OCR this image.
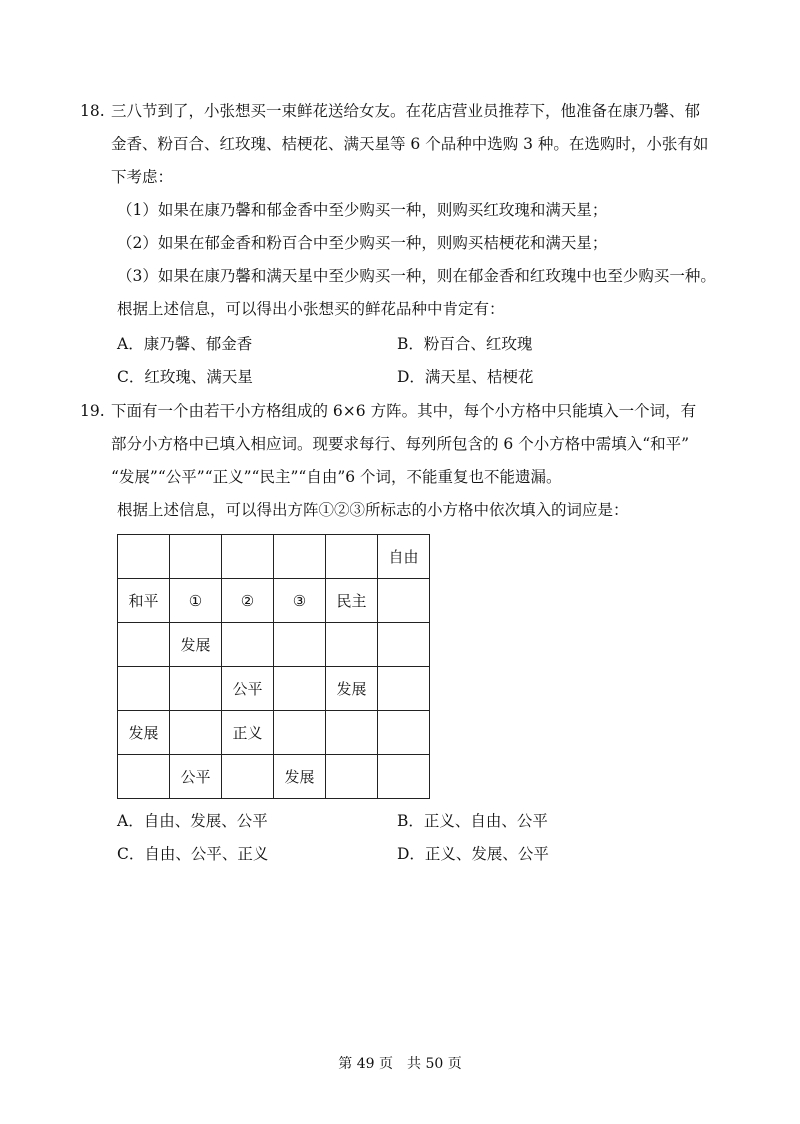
18. 三八节到了，小张想买一束鲜花送给女友。在花店营业员推荐下，他准备在康乃馨、郁
金香、粉百合、红玫瑰、桔梗花、满天星等 6 个品种中选购 3 种。在选购时，小张有如
下考虑：
（1）如果在康乃馨和郁金香中至少购买一种，则购买红玫瑰和满天星；
（2）如果在郁金香和粉百合中至少购买一种，则购买桔梗花和满天星；
（3）如果在康乃馨和满天星中至少购买一种，则在郁金香和红玫瑰中也至少购买一种。
根据上述信息，可以得出小张想买的鲜花品种中肯定有：
A．康乃馨、郁金香	B．粉百合、红玫瑰
C．红玫瑰、满天星	D．满天星、桔梗花
19. 下面有一个由若干小方格组成的 6×6 方阵。其中，每个小方格中只能填入一个词，有
部分小方格中已填入相应词。现要求每行、每列所包含的 6 个小方格中需填入“和平”
“发展”“公平”“正义”“民主”“自由”6 个词，不能重复也不能遗漏。
根据上述信息，可以得出方阵①②③所标志的小方格中依次填入的词应是：
					自由
和平	①	②	③	民主	
	发展				
		公平		发展	
发展		正义			
	公平		发展		
A．自由、发展、公平	B．正义、自由、公平
C．自由、公平、正义	D．正义、发展、公平
第 49 页　共 50 页
